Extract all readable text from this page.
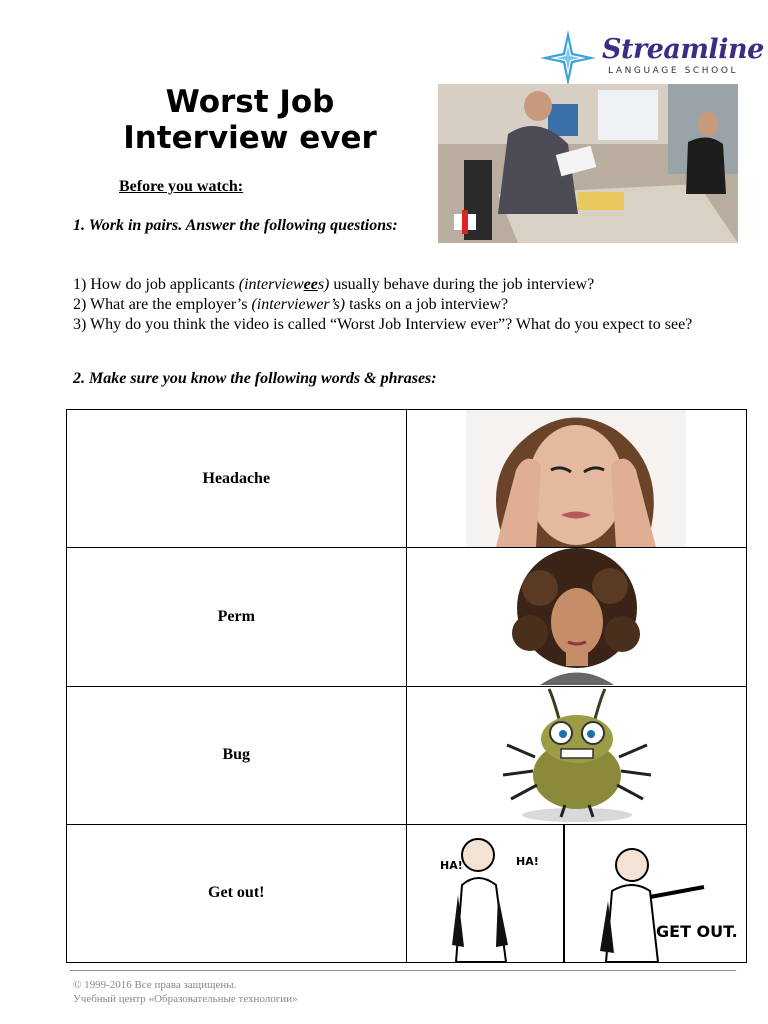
Streamline
LANGUAGE SCHOOL
Worst Job
Interview ever
Before you watch:
1. Work in pairs. Answer the following questions:

1) How do job applicants (interviewees) usually behave during the job interview?

2) What are the employer’s (interviewer’s) tasks on a job interview?

3) Why do you think the video is called “Worst Job Interview ever”? What do you expect to see?

2. Make sure you know the following words & phrases:
Headache	

Perm	

Bug	

Get out!	HA! HA!
GET OUT.

© 1999-2016 Все права защищены.

Учебный центр «Образовательные технологии»
